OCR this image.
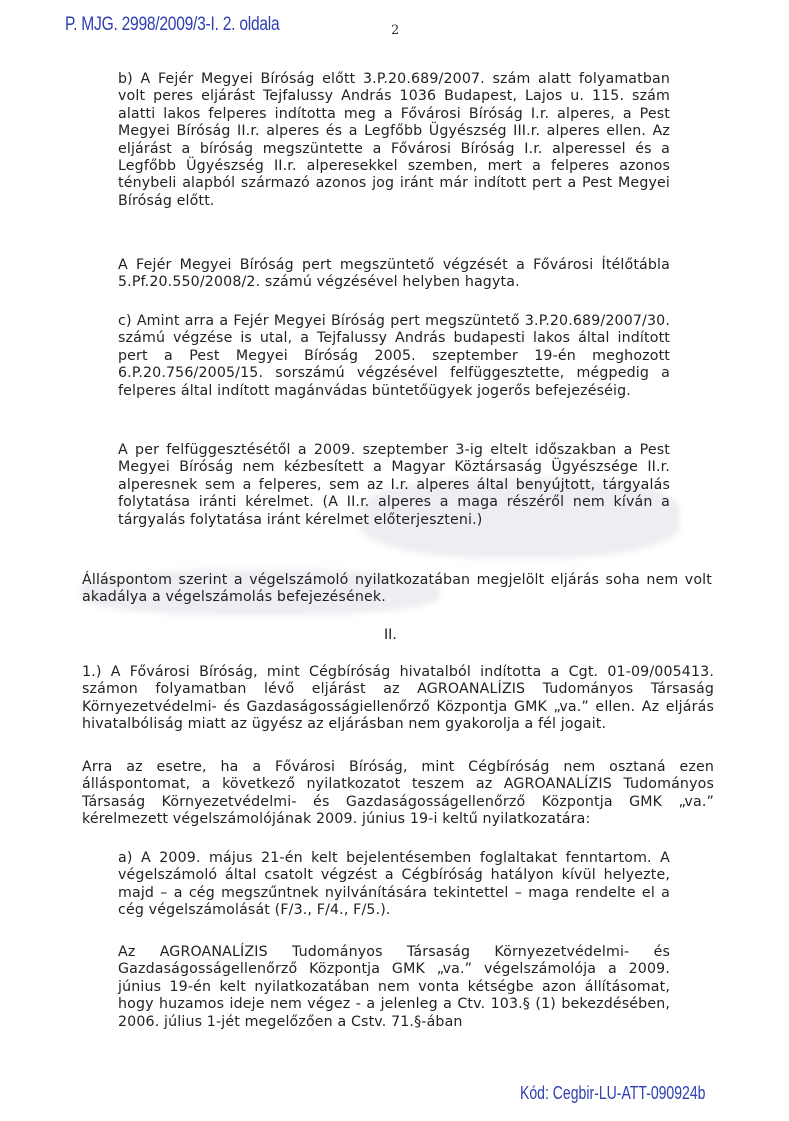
P. MJG. 2998/2009/3-I. 2. oldala	2
b) A Fejér Megyei Bíróság előtt 3.P.20.689/2007. szám alatt folyamatban volt peres eljárást Tejfalussy András 1036 Budapest, Lajos u. 115. szám alatti lakos felperes indította meg a Fővárosi Bíróság I.r. alperes, a Pest Megyei Bíróság II.r. alperes és a Legfőbb Ügyészség III.r. alperes ellen. Az eljárást a bíróság megszüntette a Fővárosi Bíróság I.r. alperessel és a Legfőbb Ügyészség II.r. alperesekkel szemben, mert a felperes azonos ténybeli alapból származó azonos jog iránt már indított pert a Pest Megyei Bíróság előtt.
A Fejér Megyei Bíróság pert megszüntető végzését a Fővárosi Ítélőtábla 5.Pf.20.550/2008/2. számú végzésével helyben hagyta.
c) Amint arra a Fejér Megyei Bíróság pert megszüntető 3.P.20.689/2007/30. számú végzése is utal, a Tejfalussy András budapesti lakos által indított pert a Pest Megyei Bíróság 2005. szeptember 19-én meghozott 6.P.20.756/2005/15. sorszámú végzésével felfüggesztette, mégpedig a felperes által indított magánvádas büntetőügyek jogerős befejezéséig.
A per felfüggesztésétől a 2009. szeptember 3-ig eltelt időszakban a Pest Megyei Bíróság nem kézbesített a Magyar Köztársaság Ügyészsége II.r. alperesnek sem a felperes, sem az I.r. alperes által benyújtott, tárgyalás folytatása iránti kérelmet. (A II.r. alperes a maga részéről nem kíván a tárgyalás folytatása iránt kérelmet előterjeszteni.)
Álláspontom szerint a végelszámoló nyilatkozatában megjelölt eljárás soha nem volt akadálya a végelszámolás befejezésének.
II.
1.) A Fővárosi Bíróság, mint Cégbíróság hivatalból indította a Cgt. 01-09/005413. számon folyamatban lévő eljárást az AGROANALÍZIS Tudományos Társaság Környezetvédelmi- és Gazdaságosságiellenőrző Központja GMK „va.” ellen. Az eljárás hivatalbóliság miatt az ügyész az eljárásban nem gyakorolja a fél jogait.
Arra az esetre, ha a Fővárosi Bíróság, mint Cégbíróság nem osztaná ezen álláspontomat, a következő nyilatkozatot teszem az AGROANALÍZIS Tudományos Társaság Környezetvédelmi- és Gazdaságosságellenőrző Központja GMK „va.” kérelmezett végelszámolójának 2009. június 19-i keltű nyilatkozatára:
a) A 2009. május 21-én kelt bejelentésemben foglaltakat fenntartom. A végelszámoló által csatolt végzést a Cégbíróság hatályon kívül helyezte, majd – a cég megszűntnek nyilvánítására tekintettel – maga rendelte el a cég végelszámolását (F/3., F/4., F/5.).
Az AGROANALÍZIS Tudományos Társaság Környezetvédelmi- és Gazdaságosságellenőrző Központja GMK „va.” végelszámolója a 2009. június 19-én kelt nyilatkozatában nem vonta kétségbe azon állításomat, hogy huzamos ideje nem végez - a jelenleg a Ctv. 103.§ (1) bekezdésében, 2006. július 1-jét megelőzően a Cstv. 71.§-ában
Kód: Cegbir-LU-ATT-090924b
